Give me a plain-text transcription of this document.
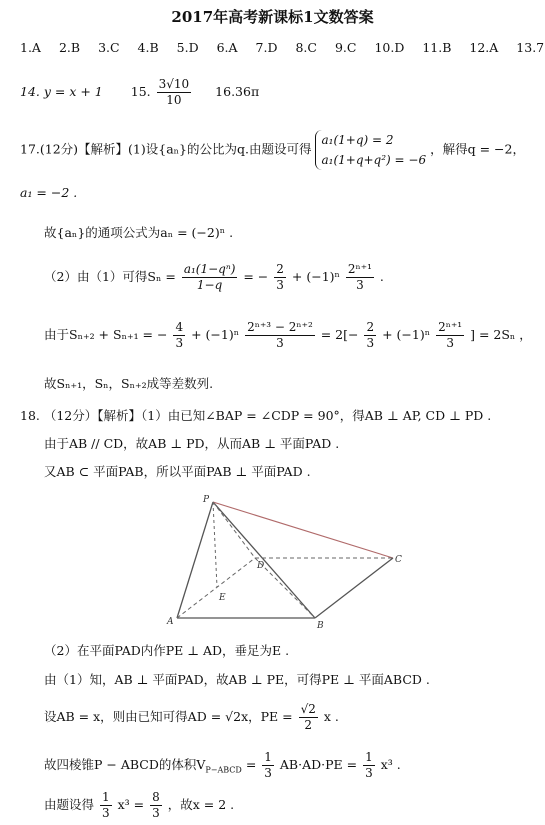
2017年高考新课标1文数答案
1.A 2.B 3.C 4.B 5.D 6.A 7.D 8.C 9.C 10.D 11.B 12.A 13.7
14. y = x + 1 15. $\frac{3√10}{10} 16.36\pi$
17.(12分)【解析】(1)设{aₙ}的公比为q.由题设可得
a₁(1+q) = 2
a₁(1+q+q²) = −6
，解得q = −2，
a₁ = −2 .
故{aₙ}的通项公式为aₙ = (−2)ⁿ .
（2）由（1）可得$S_n = \frac{\text{a₁(1−qⁿ)}}{1-q}$ = − $\frac{2}{3} + (-1)^n \frac{\text{2ⁿ⁺¹}}{3}$ .
由于Sₙ₊₂ + Sₙ₊₁ = − $\frac{4}{3} + (-1)^n \frac{\text{2ⁿ⁺³ − 2ⁿ⁺²}}{3} = 2[- \frac{2}{3} + (-1)^n \frac{\text{2ⁿ⁺¹}}{3}$ ] = 2Sₙ ，
故Sₙ₊₁，Sₙ，Sₙ₊₂成等差数列.
18. （12分）【解析】（1）由已知∠BAP = ∠CDP = 90°，得AB ⊥ AP, CD ⊥ PD .
由于AB // CD，故AB ⊥ PD，从而AB ⊥ 平面PAD .
又AB ⊂ 平面PAB，所以平面PAB ⊥ 平面PAD .
P
D
C
E
A	B
（2）在平面PAD内作PE ⊥ AD，垂足为E .
由（1）知，AB ⊥ 平面PAD，故AB ⊥ PE，可得PE ⊥ 平面ABCD .
设AB = x，则由已知可得AD = √2x，PE = $\frac{√2}{2}$ x .
故四棱锥P − ABCD的体积$V_{P-ABCD} = \frac{1}{3} AB\cdot AD\cdot PE = \frac{1}{3} x^3$ .
由题设得 $\frac{1}{3} x^3 = \frac{8}{3}$ ，故x = 2 .
